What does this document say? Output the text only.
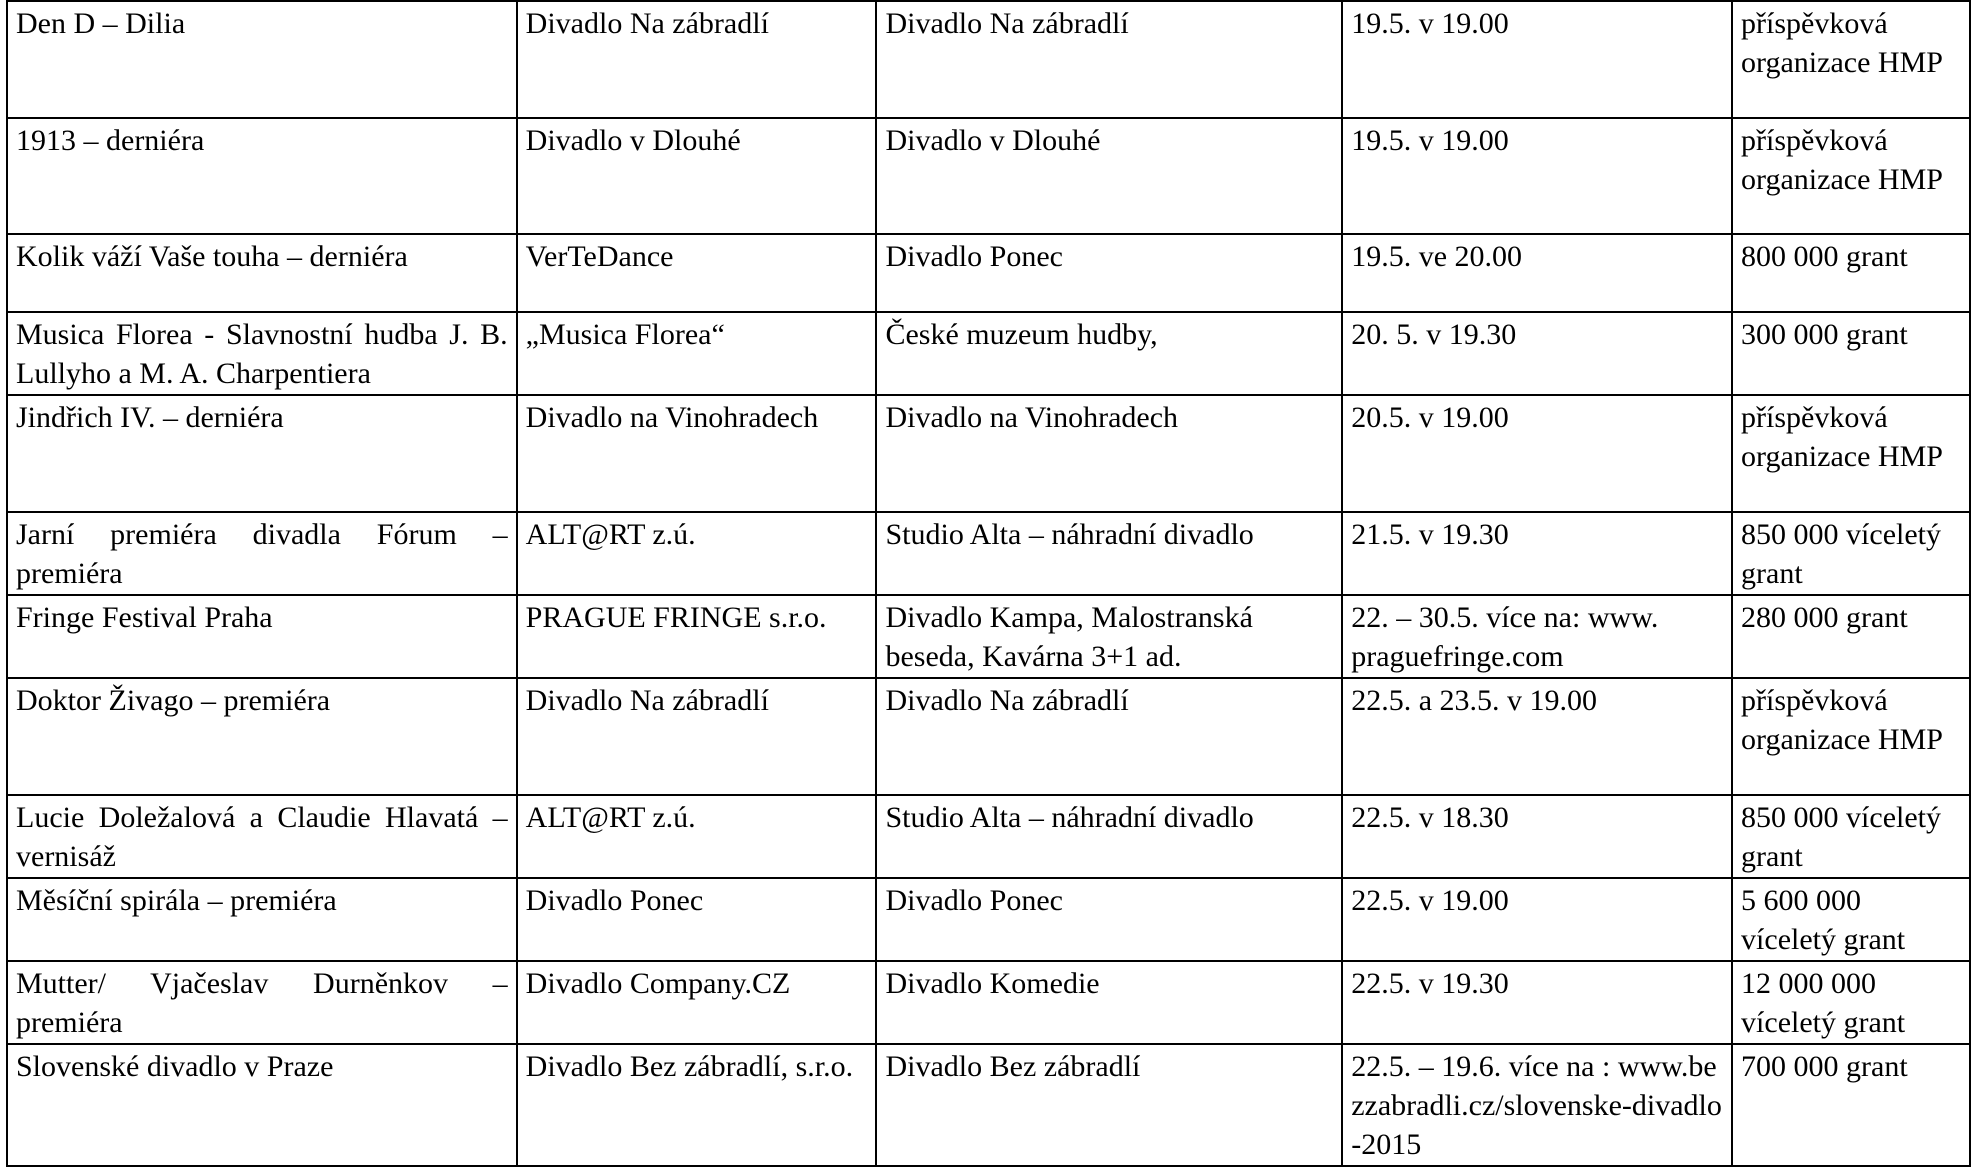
Den D – Dilia	Divadlo Na zábradlí	Divadlo Na zábradlí	19.5. v 19.00	příspěvková organizace HMP
1913 – derniéra	Divadlo v Dlouhé	Divadlo v Dlouhé	19.5. v 19.00	příspěvková organizace HMP
Kolik váží Vaše touha – derniéra	VerTeDance	Divadlo Ponec	19.5. ve 20.00	800 000 grant
Musica Florea - Slavnostní hudba J. B. Lullyho a M. A. Charpentiera	„Musica Florea“	České muzeum hudby,	20. 5. v 19.30	300 000 grant
Jindřich IV. – derniéra	Divadlo na Vinohradech	Divadlo na Vinohradech	20.5. v 19.00	příspěvková organizace HMP
Jarní premiéra divadla Fórum – premiéra	ALT@RT z.ú.	Studio Alta – náhradní divadlo	21.5. v 19.30	850 000 víceletý grant
Fringe Festival Praha	PRAGUE FRINGE s.r.o.	Divadlo Kampa, Malostranská beseda, Kavárna 3+1 ad.	22. – 30.5. více na: www. praguefringe.com	280 000 grant
Doktor Živago – premiéra	Divadlo Na zábradlí	Divadlo Na zábradlí	22.5. a 23.5. v 19.00	příspěvková organizace HMP
Lucie Doležalová a Claudie Hlavatá – vernisáž	ALT@RT z.ú.	Studio Alta – náhradní divadlo	22.5. v 18.30	850 000 víceletý grant
Měsíční spirála – premiéra	Divadlo Ponec	Divadlo Ponec	22.5. v 19.00	5 600 000 víceletý grant
Mutter/ Vjačeslav Durněnkov – premiéra	Divadlo Company.CZ	Divadlo Komedie	22.5. v 19.30	12 000 000 víceletý grant
Slovenské divadlo v Praze	Divadlo Bez zábradlí, s.r.o.	Divadlo Bez zábradlí	22.5. – 19.6. více na : www.bezzabradli.cz/slovenske-divadlo-2015	700 000 grant
